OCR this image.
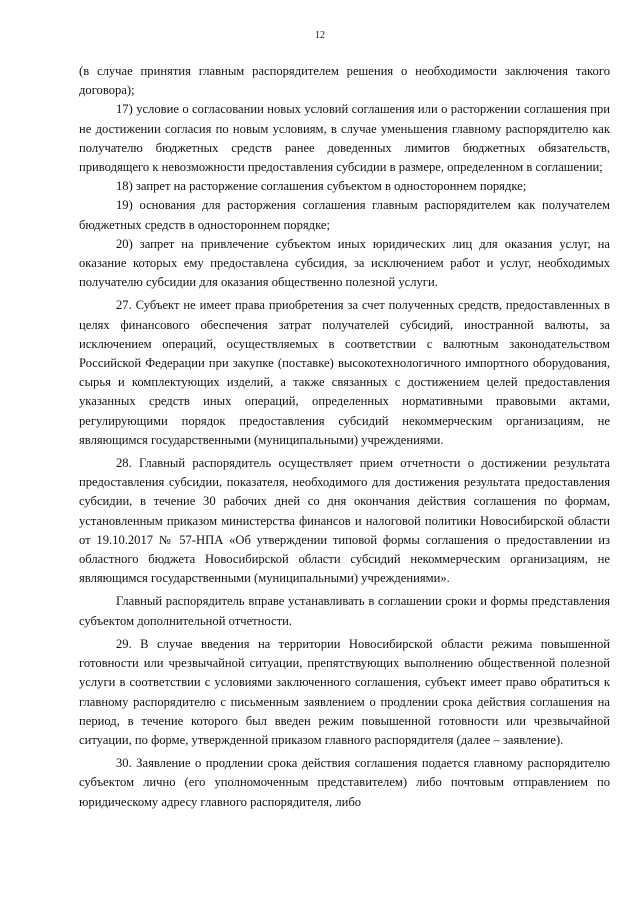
12

(в случае принятия главным распорядителем решения о необходимости заключения такого договора);

17) условие о согласовании новых условий соглашения или о расторжении соглашения при не достижении согласия по новым условиям, в случае уменьшения главному распорядителю как получателю бюджетных средств ранее доведенных лимитов бюджетных обязательств, приводящего к невозможности предоставления субсидии в размере, определенном в соглашении;

18) запрет на расторжение соглашения субъектом в одностороннем порядке;

19) основания для расторжения соглашения главным распорядителем как получателем бюджетных средств в одностороннем порядке;

20) запрет на привлечение субъектом иных юридических лиц для оказания услуг, на оказание которых ему предоставлена субсидия, за исключением работ и услуг, необходимых получателю субсидии для оказания общественно полезной услуги.

27. Субъект не имеет права приобретения за счет полученных средств, предоставленных в целях финансового обеспечения затрат получателей субсидий, иностранной валюты, за исключением операций, осуществляемых в соответствии с валютным законодательством Российской Федерации при закупке (поставке) высокотехнологичного импортного оборудования, сырья и комплектующих изделий, а также связанных с достижением целей предоставления указанных средств иных операций, определенных нормативными правовыми актами, регулирующими порядок предоставления субсидий некоммерческим организациям, не являющимся государственными (муниципальными) учреждениями.

28. Главный распорядитель осуществляет прием отчетности о достижении результата предоставления субсидии, показателя, необходимого для достижения результата предоставления субсидии, в течение 30 рабочих дней со дня окончания действия соглашения по формам, установленным приказом министерства финансов и налоговой политики Новосибирской области от 19.10.2017 № 57-НПА «Об утверждении типовой формы соглашения о предоставлении из областного бюджета Новосибирской области субсидий некоммерческим организациям, не являющимся государственными (муниципальными) учреждениями».

Главный распорядитель вправе устанавливать в соглашении сроки и формы представления субъектом дополнительной отчетности.

29. В случае введения на территории Новосибирской области режима повышенной готовности или чрезвычайной ситуации, препятствующих выполнению общественной полезной услуги в соответствии с условиями заключенного соглашения, субъект имеет право обратиться к главному распорядителю с письменным заявлением о продлении срока действия соглашения на период, в течение которого был введен режим повышенной готовности или чрезвычайной ситуации, по форме, утвержденной приказом главного распорядителя (далее – заявление).

30. Заявление о продлении срока действия соглашения подается главному распорядителю субъектом лично (его уполномоченным представителем) либо почтовым отправлением по юридическому адресу главного распорядителя, либо
